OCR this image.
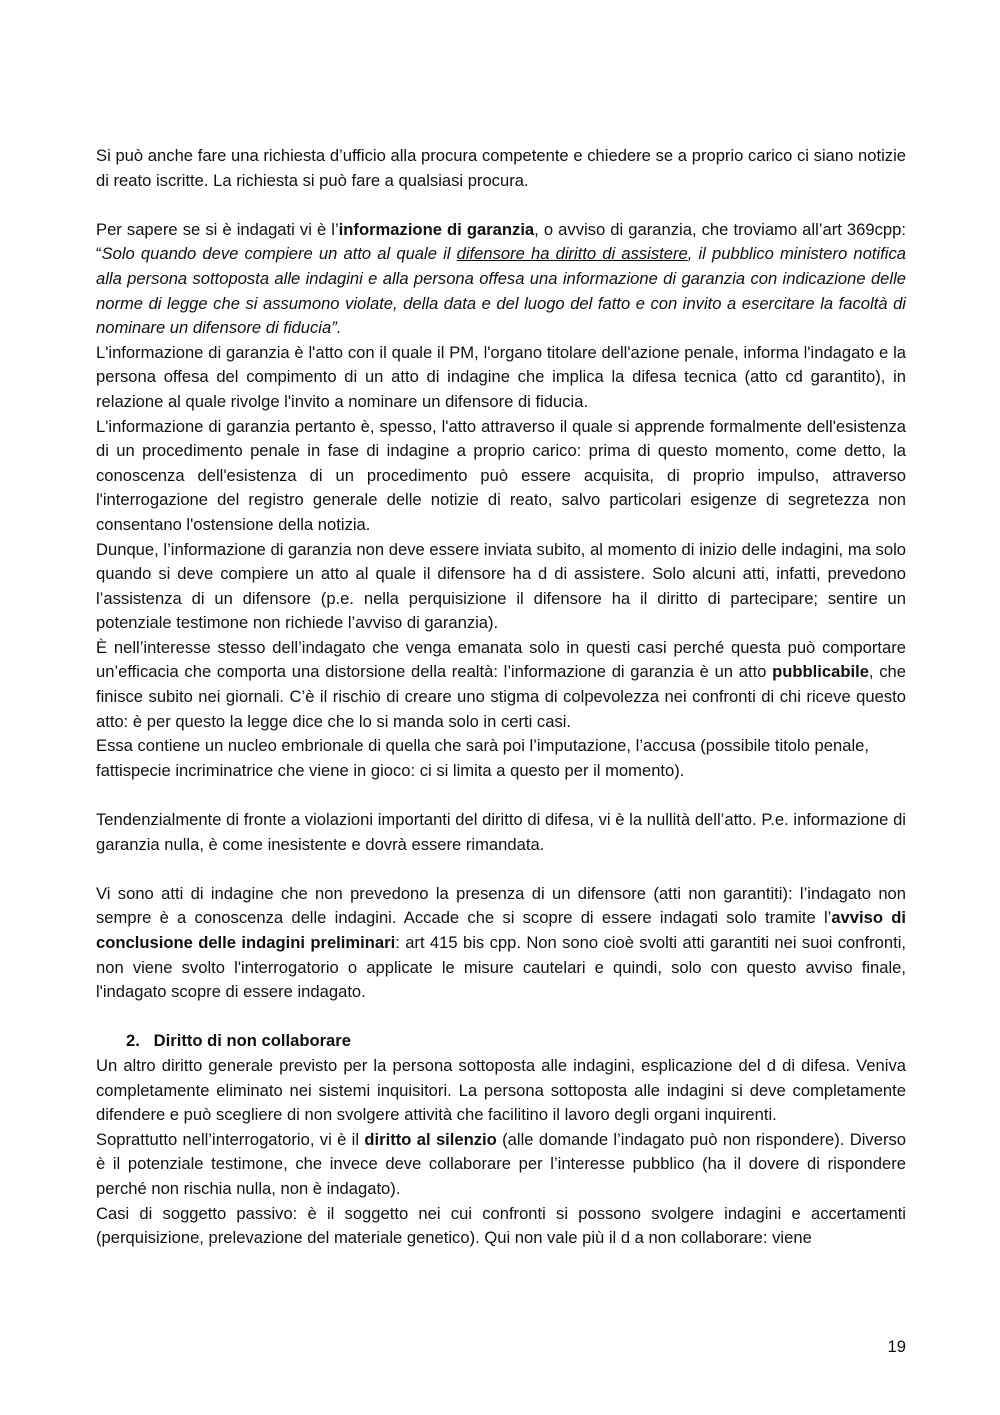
Si può anche fare una richiesta d’ufficio alla procura competente e chiedere se a proprio carico ci siano notizie di reato iscritte. La richiesta si può fare a qualsiasi procura.

Per sapere se si è indagati vi è l’informazione di garanzia, o avviso di garanzia, che troviamo all’art 369cpp: “Solo quando deve compiere un atto al quale il difensore ha diritto di assistere, il pubblico ministero notifica alla persona sottoposta alle indagini e alla persona offesa una informazione di garanzia con indicazione delle norme di legge che si assumono violate, della data e del luogo del fatto e con invito a esercitare la facoltà di nominare un difensore di fiducia”.

L'informazione di garanzia è l'atto con il quale il PM, l'organo titolare dell'azione penale, informa l'indagato e la persona offesa del compimento di un atto di indagine che implica la difesa tecnica (atto cd garantito), in relazione al quale rivolge l'invito a nominare un difensore di fiducia.

L'informazione di garanzia pertanto è, spesso, l'atto attraverso il quale si apprende formalmente dell'esistenza di un procedimento penale in fase di indagine a proprio carico: prima di questo momento, come detto, la conoscenza dell'esistenza di un procedimento può essere acquisita, di proprio impulso, attraverso l'interrogazione del registro generale delle notizie di reato, salvo particolari esigenze di segretezza non consentano l'ostensione della notizia.

Dunque, l’informazione di garanzia non deve essere inviata subito, al momento di inizio delle indagini, ma solo quando si deve compiere un atto al quale il difensore ha d di assistere. Solo alcuni atti, infatti, prevedono l’assistenza di un difensore (p.e. nella perquisizione il difensore ha il diritto di partecipare; sentire un potenziale testimone non richiede l’avviso di garanzia).

È nell’interesse stesso dell’indagato che venga emanata solo in questi casi perché questa può comportare un’efficacia che comporta una distorsione della realtà: l’informazione di garanzia è un atto pubblicabile, che finisce subito nei giornali. C’è il rischio di creare uno stigma di colpevolezza nei confronti di chi riceve questo atto: è per questo la legge dice che lo si manda solo in certi casi.

Essa contiene un nucleo embrionale di quella che sarà poi l’imputazione, l’accusa (possibile titolo penale, fattispecie incriminatrice che viene in gioco: ci si limita a questo per il momento).

Tendenzialmente di fronte a violazioni importanti del diritto di difesa, vi è la nullità dell’atto. P.e. informazione di garanzia nulla, è come inesistente e dovrà essere rimandata.

Vi sono atti di indagine che non prevedono la presenza di un difensore (atti non garantiti): l’indagato non sempre è a conoscenza delle indagini. Accade che si scopre di essere indagati solo tramite l’avviso di conclusione delle indagini preliminari: art 415 bis cpp. Non sono cioè svolti atti garantiti nei suoi confronti, non viene svolto l'interrogatorio o applicate le misure cautelari e quindi, solo con questo avviso finale, l'indagato scopre di essere indagato.

2.   Diritto di non collaborare

Un altro diritto generale previsto per la persona sottoposta alle indagini, esplicazione del d di difesa. Veniva completamente eliminato nei sistemi inquisitori. La persona sottoposta alle indagini si deve completamente difendere e può scegliere di non svolgere attività che facilitino il lavoro degli organi inquirenti.

Soprattutto nell’interrogatorio, vi è il diritto al silenzio (alle domande l’indagato può non rispondere). Diverso è il potenziale testimone, che invece deve collaborare per l’interesse pubblico (ha il dovere di rispondere perché non rischia nulla, non è indagato).

Casi di soggetto passivo: è il soggetto nei cui confronti si possono svolgere indagini e accertamenti (perquisizione, prelevazione del materiale genetico). Qui non vale più il d a non collaborare: viene

19
